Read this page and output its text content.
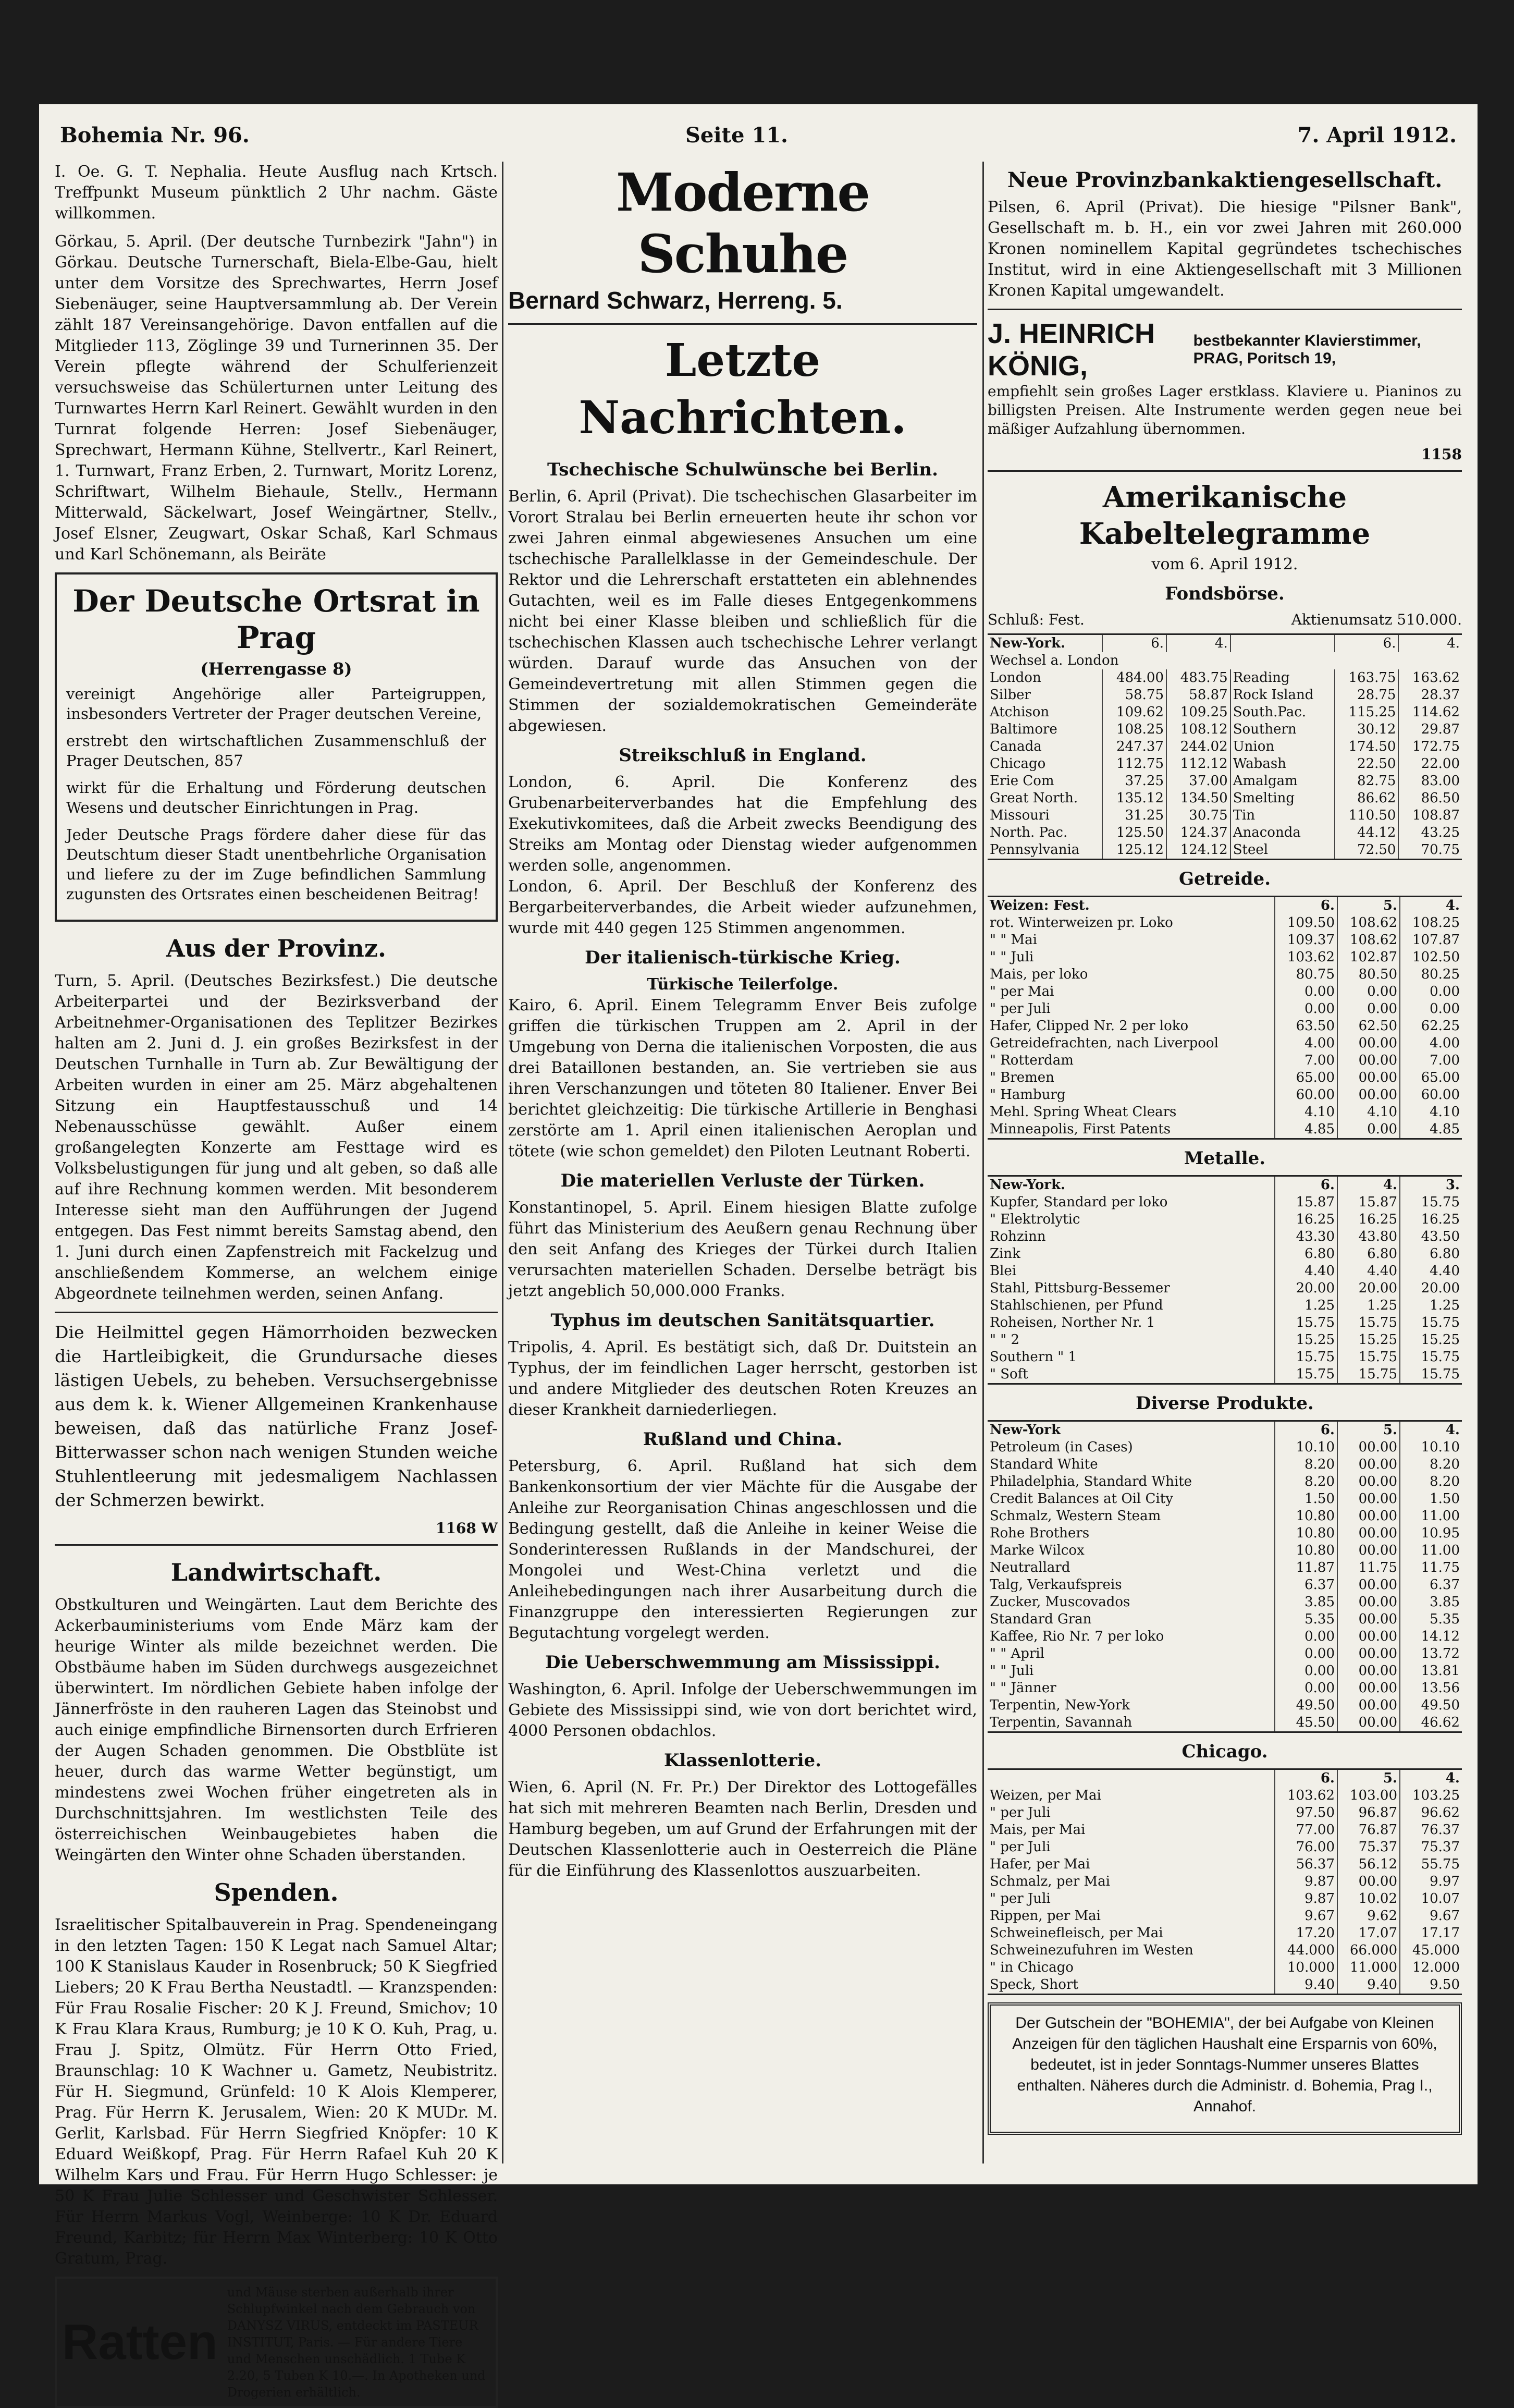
Bohemia Nr. 96.	Seite 11.	7. April 1912.

I. Oe. G. T. Nephalia. Heute Ausflug nach Krtsch. Treffpunkt Museum pünktlich 2 Uhr nachm. Gäste willkommen.

Görkau, 5. April. (Der deutsche Turnbezirk "Jahn") in Görkau. Deutsche Turnerschaft, Biela-Elbe-Gau, hielt unter dem Vorsitze des Sprechwartes, Herrn Josef Siebenäuger, seine Hauptversammlung ab. Der Verein zählt 187 Vereinsangehörige. Davon entfallen auf die Mitglieder 113, Zöglinge 39 und Turnerinnen 35. Der Verein pflegte während der Schulferienzeit versuchsweise das Schülerturnen unter Leitung des Turnwartes Herrn Karl Reinert. Gewählt wurden in den Turnrat folgende Herren: Josef Siebenäuger, Sprechwart, Hermann Kühne, Stellvertr., Karl Reinert, 1. Turnwart, Franz Erben, 2. Turnwart, Moritz Lorenz, Schriftwart, Wilhelm Biehaule, Stellv., Hermann Mitterwald, Säckelwart, Josef Weingärtner, Stellv., Josef Elsner, Zeugwart, Oskar Schaß, Karl Schmaus und Karl Schönemann, als Beiräte

Der Deutsche Ortsrat in Prag
(Herrengasse 8)

vereinigt Angehörige aller Parteigruppen, insbesonders Vertreter der Prager deutschen Vereine,

erstrebt den wirtschaftlichen Zusammenschluß der Prager Deutschen, 857

wirkt für die Erhaltung und Förderung deutschen Wesens und deutscher Einrichtungen in Prag.

Jeder Deutsche Prags fördere daher diese für das Deutschtum dieser Stadt unentbehrliche Organisation und liefere zu der im Zuge befindlichen Sammlung zugunsten des Ortsrates einen bescheidenen Beitrag!

Aus der Provinz.

Turn, 5. April. (Deutsches Bezirksfest.) Die deutsche Arbeiterpartei und der Bezirksverband der Arbeitnehmer-Organisationen des Teplitzer Bezirkes halten am 2. Juni d. J. ein großes Bezirksfest in der Deutschen Turnhalle in Turn ab. Zur Bewältigung der Arbeiten wurden in einer am 25. März abgehaltenen Sitzung ein Hauptfestausschuß und 14 Nebenausschüsse gewählt. Außer einem großangelegten Konzerte am Festtage wird es Volksbelustigungen für jung und alt geben, so daß alle auf ihre Rechnung kommen werden. Mit besonderem Interesse sieht man den Aufführungen der Jugend entgegen. Das Fest nimmt bereits Samstag abend, den 1. Juni durch einen Zapfenstreich mit Fackelzug und anschließendem Kommerse, an welchem einige Abgeordnete teilnehmen werden, seinen Anfang.

Die Heilmittel gegen Hämorrhoiden bezwecken die Hartleibigkeit, die Grundursache dieses lästigen Uebels, zu beheben. Versuchsergebnisse aus dem k. k. Wiener Allgemeinen Krankenhause beweisen, daß das natürliche Franz Josef-Bitterwasser schon nach wenigen Stunden weiche Stuhlentleerung mit jedesmaligem Nachlassen der Schmerzen bewirkt.

1168 W
Landwirtschaft.

Obstkulturen und Weingärten. Laut dem Berichte des Ackerbauministeriums vom Ende März kam der heurige Winter als milde bezeichnet werden. Die Obstbäume haben im Süden durchwegs ausgezeichnet überwintert. Im nördlichen Gebiete haben infolge der Jännerfröste in den rauheren Lagen das Steinobst und auch einige empfindliche Birnensorten durch Erfrieren der Augen Schaden genommen. Die Obstblüte ist heuer, durch das warme Wetter begünstigt, um mindestens zwei Wochen früher eingetreten als in Durchschnittsjahren. Im westlichsten Teile des österreichischen Weinbaugebietes haben die Weingärten den Winter ohne Schaden überstanden.

Spenden.

Israelitischer Spitalbauverein in Prag. Spendeneingang in den letzten Tagen: 150 K Legat nach Samuel Altar; 100 K Stanislaus Kauder in Rosenbruck; 50 K Siegfried Liebers; 20 K Frau Bertha Neustadtl. — Kranzspenden: Für Frau Rosalie Fischer: 20 K J. Freund, Smichov; 10 K Frau Klara Kraus, Rumburg; je 10 K O. Kuh, Prag, u. Frau J. Spitz, Olmütz. Für Herrn Otto Fried, Braunschlag: 10 K Wachner u. Gametz, Neubistritz. Für H. Siegmund, Grünfeld: 10 K Alois Klemperer, Prag. Für Herrn K. Jerusalem, Wien: 20 K MUDr. M. Gerlit, Karlsbad. Für Herrn Siegfried Knöpfer: 10 K Eduard Weißkopf, Prag. Für Herrn Rafael Kuh 20 K Wilhelm Kars und Frau. Für Herrn Hugo Schlesser: je 50 K Frau Julie Schlesser und Geschwister Schlesser. Für Herrn Markus Vogl, Weinberge: 10 K Dr. Eduard Freund, Karbitz; für Herrn Max Winterberg: 10 K Otto Gratum, Prag.

Ratten
und Mäuse sterben außerhalb ihrer Schlupfwinkel nach dem Gebrauch von DANYSZ VIRUS, entdeckt im PASTEUR INSTITUT, Paris. — Für andere Tiere und Menschen unschädlich. 1 Tube K 2.20, 5 Tuben K 10.—. In Apotheken und Drogerien erhältlich.
Moderne Schuhe
Bernard Schwarz, Herreng. 5.
Letzte Nachrichten.
Tschechische Schulwünsche bei Berlin.

Berlin, 6. April (Privat). Die tschechischen Glasarbeiter im Vorort Stralau bei Berlin erneuerten heute ihr schon vor zwei Jahren einmal abgewiesenes Ansuchen um eine tschechische Parallelklasse in der Gemeindeschule. Der Rektor und die Lehrerschaft erstatteten ein ablehnendes Gutachten, weil es im Falle dieses Entgegenkommens nicht bei einer Klasse bleiben und schließlich für die tschechischen Klassen auch tschechische Lehrer verlangt würden. Darauf wurde das Ansuchen von der Gemeindevertretung mit allen Stimmen gegen die Stimmen der sozialdemokratischen Gemeinderäte abgewiesen.

Streikschluß in England.

London, 6. April. Die Konferenz des Grubenarbeiterverbandes hat die Empfehlung des Exekutivkomitees, daß die Arbeit zwecks Beendigung des Streiks am Montag oder Dienstag wieder aufgenommen werden solle, angenommen.
London, 6. April. Der Beschluß der Konferenz des Bergarbeiterverbandes, die Arbeit wieder aufzunehmen, wurde mit 440 gegen 125 Stimmen angenommen.

Der italienisch-türkische Krieg.
Türkische Teilerfolge.

Kairo, 6. April. Einem Telegramm Enver Beis zufolge griffen die türkischen Truppen am 2. April in der Umgebung von Derna die italienischen Vorposten, die aus drei Bataillonen bestanden, an. Sie vertrieben sie aus ihren Verschanzungen und töteten 80 Italiener. Enver Bei berichtet gleichzeitig: Die türkische Artillerie in Benghasi zerstörte am 1. April einen italienischen Aeroplan und tötete (wie schon gemeldet) den Piloten Leutnant Roberti.

Die materiellen Verluste der Türken.

Konstantinopel, 5. April. Einem hiesigen Blatte zufolge führt das Ministerium des Aeußern genau Rechnung über den seit Anfang des Krieges der Türkei durch Italien verursachten materiellen Schaden. Derselbe beträgt bis jetzt angeblich 50,000.000 Franks.

Typhus im deutschen Sanitätsquartier.

Tripolis, 4. April. Es bestätigt sich, daß Dr. Duitstein an Typhus, der im feindlichen Lager herrscht, gestorben ist und andere Mitglieder des deutschen Roten Kreuzes an dieser Krankheit darniederliegen.

Rußland und China.

Petersburg, 6. April. Rußland hat sich dem Bankenkonsortium der vier Mächte für die Ausgabe der Anleihe zur Reorganisation Chinas angeschlossen und die Bedingung gestellt, daß die Anleihe in keiner Weise die Sonderinteressen Rußlands in der Mandschurei, der Mongolei und West-China verletzt und die Anleihebedingungen nach ihrer Ausarbeitung durch die Finanzgruppe den interessierten Regierungen zur Begutachtung vorgelegt werden.

Die Ueberschwemmung am Mississippi.

Washington, 6. April. Infolge der Ueberschwemmungen im Gebiete des Mississippi sind, wie von dort berichtet wird, 4000 Personen obdachlos.

Klassenlotterie.

Wien, 6. April (N. Fr. Pr.) Der Direktor des Lottogefälles hat sich mit mehreren Beamten nach Berlin, Dresden und Hamburg begeben, um auf Grund der Erfahrungen mit der Deutschen Klassenlotterie auch in Oesterreich die Pläne für die Einführung des Klassenlottos auszuarbeiten.

Neue Provinzbankaktiengesellschaft.

Pilsen, 6. April (Privat). Die hiesige "Pilsner Bank", Gesellschaft m. b. H., ein vor zwei Jahren mit 260.000 Kronen nominellem Kapital gegründetes tschechisches Institut, wird in eine Aktiengesellschaft mit 3 Millionen Kronen Kapital umgewandelt.

J. HEINRICH KÖNIG,
bestbekannter Klavierstimmer, PRAG, Poritsch 19,

empfiehlt sein großes Lager erstklass. Klaviere u. Pianinos zu billigsten Preisen. Alte Instrumente werden gegen neue bei mäßiger Aufzahlung übernommen.

1158
Amerikanische Kabeltelegramme
vom 6. April 1912.
Fondsbörse.
Schluß: Fest.	Aktienumsatz 510.000.
New-York.	6.	4.		6.	4.
Wechsel a. London					
London	484.00	483.75	Reading	163.75	163.62
Silber	58.75	58.87	Rock Island	28.75	28.37
Atchison	109.62	109.25	South.Pac.	115.25	114.62
Baltimore	108.25	108.12	Southern	30.12	29.87
Canada	247.37	244.02	Union	174.50	172.75
Chicago	112.75	112.12	Wabash	22.50	22.00
Erie Com	37.25	37.00	Amalgam	82.75	83.00
Great North.	135.12	134.50	Smelting	86.62	86.50
Missouri	31.25	30.75	Tin	110.50	108.87
North. Pac.	125.50	124.37	Anaconda	44.12	43.25
Pennsylvania	125.12	124.12	Steel	72.50	70.75
Getreide.
Weizen: Fest.	6.	5.	4.
rot. Winterweizen pr. Loko	109.50	108.62	108.25
" " Mai	109.37	108.62	107.87
" " Juli	103.62	102.87	102.50
Mais, per loko	80.75	80.50	80.25
" per Mai	0.00	0.00	0.00
" per Juli	0.00	0.00	0.00
Hafer, Clipped Nr. 2 per loko	63.50	62.50	62.25
Getreidefrachten, nach Liverpool	4.00	00.00	4.00
" Rotterdam	7.00	00.00	7.00
" Bremen	65.00	00.00	65.00
" Hamburg	60.00	00.00	60.00
Mehl. Spring Wheat Clears	4.10	4.10	4.10
Minneapolis, First Patents	4.85	0.00	4.85
Metalle.
New-York.	6.	4.	3.
Kupfer, Standard per loko	15.87	15.87	15.75
" Elektrolytic	16.25	16.25	16.25
Rohzinn	43.30	43.80	43.50
Zink	6.80	6.80	6.80
Blei	4.40	4.40	4.40
Stahl, Pittsburg-Bessemer	20.00	20.00	20.00
Stahlschienen, per Pfund	1.25	1.25	1.25
Roheisen, Norther Nr. 1	15.75	15.75	15.75
" " 2	15.25	15.25	15.25
Southern " 1	15.75	15.75	15.75
" Soft	15.75	15.75	15.75
Diverse Produkte.
New-York	6.	5.	4.
Petroleum (in Cases)	10.10	00.00	10.10
Standard White	8.20	00.00	8.20
Philadelphia, Standard White	8.20	00.00	8.20
Credit Balances at Oil City	1.50	00.00	1.50
Schmalz, Western Steam	10.80	00.00	11.00
Rohe Brothers	10.80	00.00	10.95
Marke Wilcox	10.80	00.00	11.00
Neutrallard	11.87	11.75	11.75
Talg, Verkaufspreis	6.37	00.00	6.37
Zucker, Muscovados	3.85	00.00	3.85
Standard Gran	5.35	00.00	5.35
Kaffee, Rio Nr. 7 per loko	0.00	00.00	14.12
" " April	0.00	00.00	13.72
" " Juli	0.00	00.00	13.81
" " Jänner	0.00	00.00	13.56
Terpentin, New-York	49.50	00.00	49.50
Terpentin, Savannah	45.50	00.00	46.62
Chicago.
	6.	5.	4.
Weizen, per Mai	103.62	103.00	103.25
" per Juli	97.50	96.87	96.62
Mais, per Mai	77.00	76.87	76.37
" per Juli	76.00	75.37	75.37
Hafer, per Mai	56.37	56.12	55.75
Schmalz, per Mai	9.87	00.00	9.97
" per Juli	9.87	10.02	10.07
Rippen, per Mai	9.67	9.62	9.67
Schweinefleisch, per Mai	17.20	17.07	17.17
Schweinezufuhren im Westen	44.000	66.000	45.000
" in Chicago	10.000	11.000	12.000
Speck, Short	9.40	9.40	9.50

Der Gutschein der "BOHEMIA", der bei Aufgabe von Kleinen Anzeigen für den täglichen Haushalt eine Ersparnis von 60%, bedeutet, ist in jeder Sonntags-Nummer unseres Blattes enthalten. Näheres durch die Administr. d. Bohemia, Prag I., Annahof.
